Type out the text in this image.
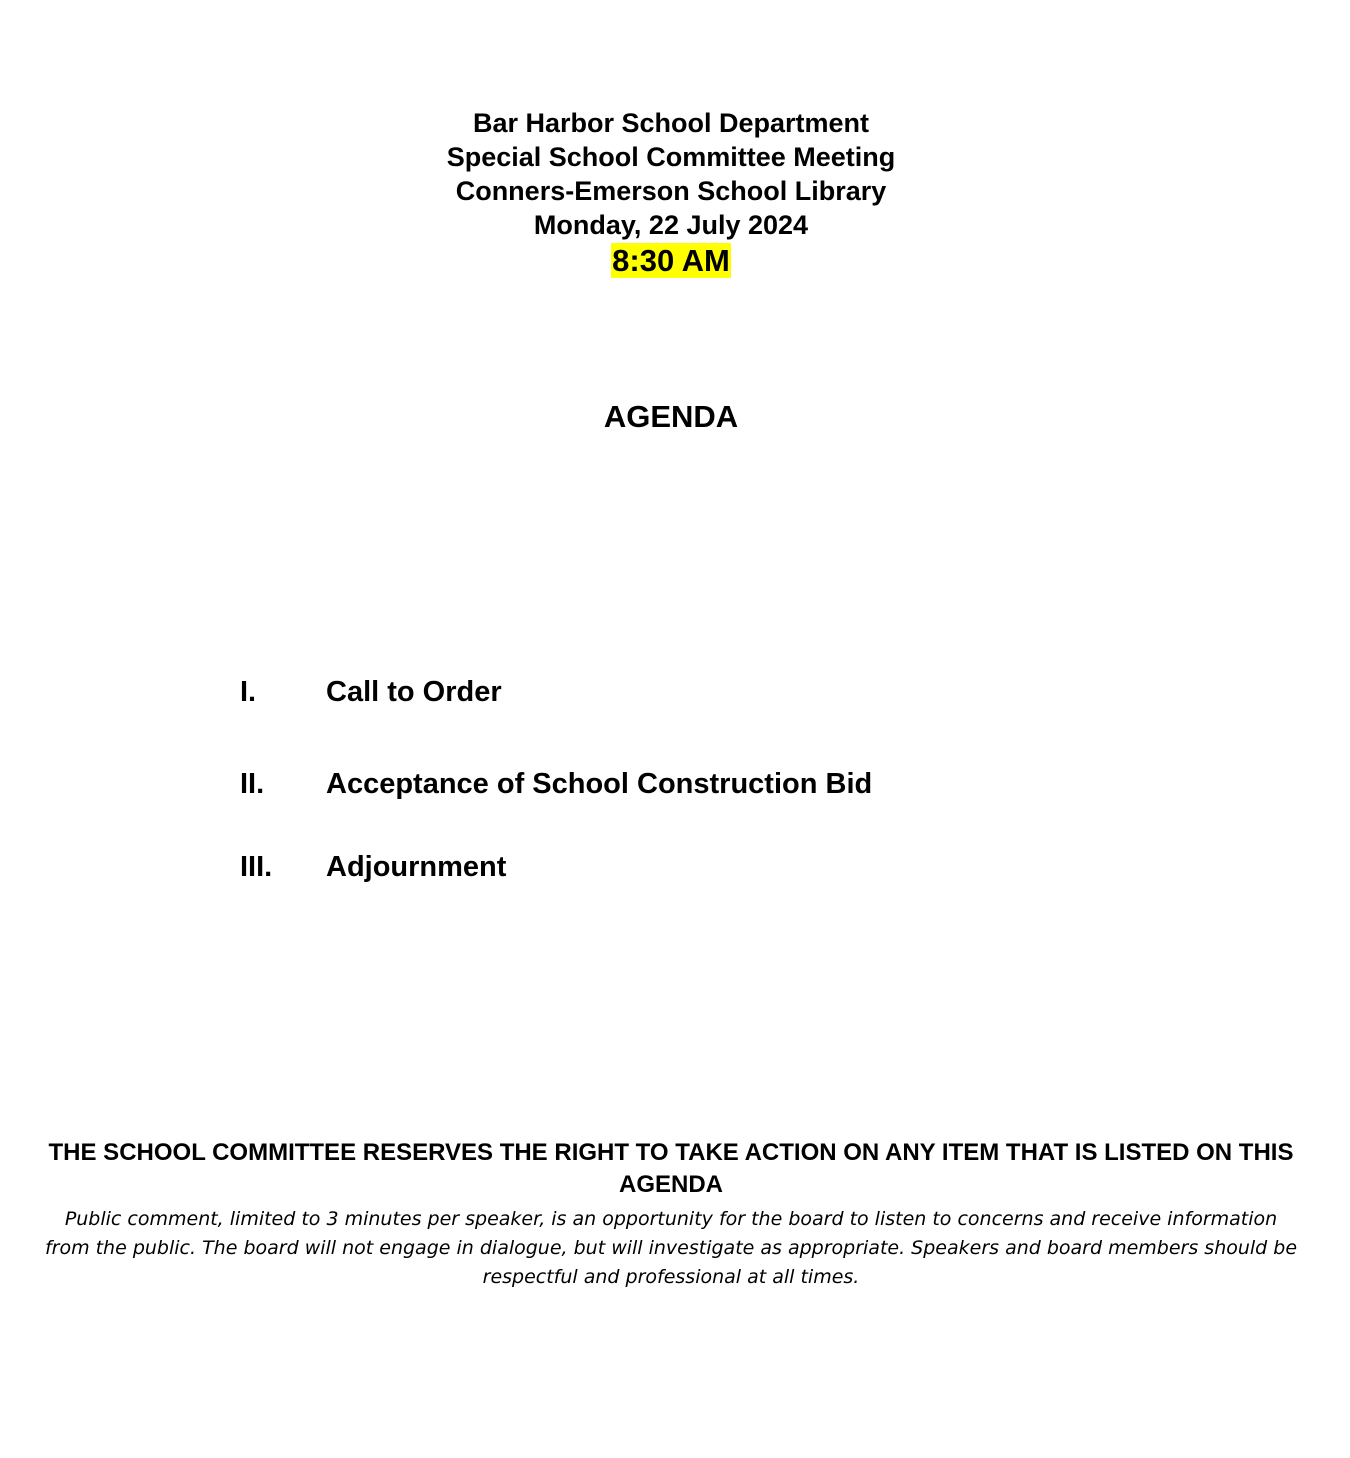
Bar Harbor School Department
Special School Committee Meeting
Conners-Emerson School Library
Monday, 22 July 2024
8:30 AM
AGENDA
I. Call to Order
II. Acceptance of School Construction Bid
III. Adjournment
THE SCHOOL COMMITTEE RESERVES THE RIGHT TO TAKE ACTION ON ANY ITEM THAT IS LISTED ON THIS AGENDA
Public comment, limited to 3 minutes per speaker, is an opportunity for the board to listen to concerns and receive information from the public. The board will not engage in dialogue, but will investigate as appropriate. Speakers and board members should be respectful and professional at all times.
